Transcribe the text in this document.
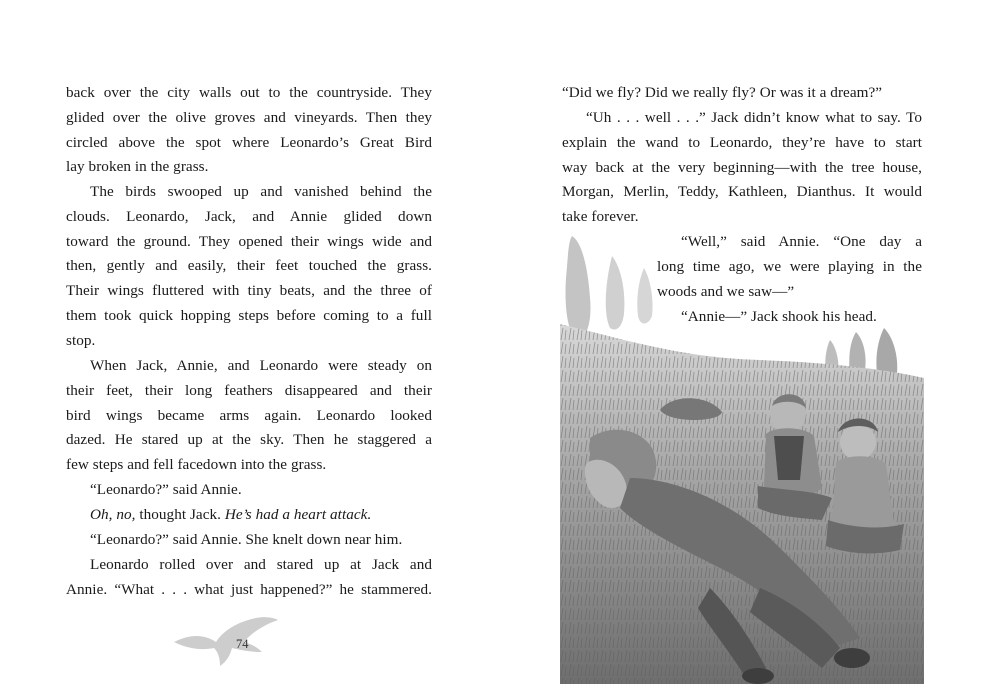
back over the city walls out to the countryside. They
glided over the olive groves and vineyards. Then they
circled above the spot where Leonardo’s Great Bird
lay broken in the grass.

The birds swooped up and vanished behind the
clouds. Leonardo, Jack, and Annie glided down
toward the ground. They opened their wings wide and
then, gently and easily, their feet touched the grass.
Their wings fluttered with tiny beats, and the three of
them took quick hopping steps before coming to a full
stop.

When Jack, Annie, and Leonardo were steady on
their feet, their long feathers disappeared and their
bird wings became arms again. Leonardo looked
dazed. He stared up at the sky. Then he staggered a
few steps and fell facedown into the grass.

“Leonardo?” said Annie.

Oh, no, thought Jack. He’s had a heart attack.

“Leonardo?” said Annie. She knelt down near him.

Leonardo rolled over and stared up at Jack and
Annie. “What . . . what just happened?” he stammered.

74

“Did we fly? Did we really fly? Or was it a dream?”

“Uh . . . well . . .” Jack didn’t know what to say. To
explain the wand to Leonardo, they’re have to start
way back at the very beginning—with the tree house,
Morgan, Merlin, Teddy, Kathleen, Dianthus. It would
take forever.

“Well,” said Annie. “One day a
long time ago, we were playing in the
woods and we saw—”

“Annie—” Jack shook his head.
